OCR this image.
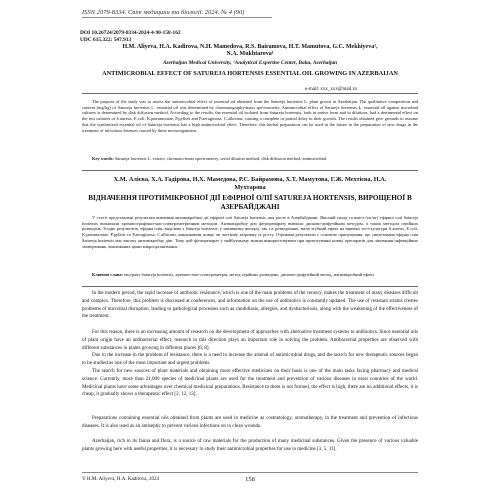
ISSN 2079-8334. Світ медицини та біології. 2024. № 4 (90)
DOI 10.26724/2079-8334-2024-4-90-158-162
UDC 615.322: 547.913
H.M. Aliyeva, H.A. Kadirova, N.H. Mamedova, R.S. Bairamova, H.T. Mamutova, G.C. Mekhiyeva¹, N.A. Mukhtarova¹
Azerbaijan Medical University, ¹Analytical Expertise Center, Baku, Azerbaijan
ANTIMICROBIAL EFFECT OF SATUREJA HORTENSIS ESSENTIAL OIL GROWING IN AZERBAIJAN
e-mail: xxx_xxx@mail.ru

The purpose of the study was to assess the antimicrobial effect of essential oil obtained from the Satureja hortensis L. plant grown in Azerbaijan. The qualitative composition and content (mg/kg) of Satureja hortensis L. essential oil was determined by chromatography-mass spectrometry. Antimicrobial effect of Satureja hortensis L. essential oil against microbial cultures is determined by disk diffusion method. According to the results, the essential oil isolated from Satureja hortensis, both in native form and in dilutions, had a detrimental effect on the test cultures of S.aureus, E.coli, K.pneumoniae, P.pyllori and P.aeruginosa. C.albicans, causing a complete or partial delay in their growth. The results obtained give grounds to assume that the synthesized essential oil of Satureja hortensis has a high antimicrobial effect. Therefore, this herbal preparation can be used in the future in the preparation of new drugs in the treatment of infectious diseases caused by these microorganisms.

Key words: Satureja hortensis L. extract, chromato-mass spectrometry, serial dilution method, disk diffusion method, antimicrobial.

Х.М. Алієва, Х.А. Гадірова, Н.Х. Мамедова, Р.С. Байрамова, Х.Т. Мамутова, Г.Ж. Мехтієва, Н.А. Мухтарова
ВІДНАЧЕННЯ ПРОТИМІКРОБНОЇ ДІЇ ЕФІРНОЇ ОЛІЇ SATUREJA HORTENSIS, ВИРОЩЕНОЇ В АЗЕРБАЙДЖАНІ

У статті представлені результати вивчення антимікробної дії ефірної олії Satureja hortensis, яка росте в Азербайджані. Якісний склад та вміст (мг/кг) ефірної олії Satureja hortensis визначали хроматографічно-мас-спектрометричним методом. Антимікробну дію фітопрепарату вивчали дисково-дифузійним методом, а також методом серійних розведень. Згідно результатів, ефірна олія, виділена з Satureja hortensis, у нативному вигляді, так і в розведеннях, мала згубний ефект на вивчені тест-культури S.aureus, E.coli, K.pneumoniae, P.pyllori та P.aeruginosa, C.albicans, викликаючи повну чи часткову затримку їх росту. Отримані результати є основою припущення, що синтезована ефірна олія Satureja hortensis має високу антимікробну дію. Тому цей фітопрепарат у майбутньому можна використовувати при приготуванні нових препаратів для лікування інфекційних захворювань, викликаних цими мікроорганізмами.

Ключові слова: екстракт Satureja hortensis, хромато-мас-спектрометрія, метод серійних розведень, дисково-дифузійний метод, антимікробний ефект.

In the modern period, the rapid increase of antibiotic resistance, which is one of the main problems of the century, makes the treatment of many diseases difficult and complex. Therefore, this problem is discussed at conferences, and information on the use of antibiotics is constantly updated. The use of resistant strains creates problems of microbial disruption, leading to pathological processes such as candidiasis, allergies, and dysbacteriosis, along with the weakening of the effectiveness of the treatment.

For this reason, there is an increasing amount of research on the development of approaches with alternative treatment systems to antibiotics. Since essential oils of plant origin have an antibacterial effect, research in this direction plays an important role in solving the problem. Antibacterial properties are observed with different substances in plants growing in different places [6, 8].

Due to the increase in the problem of resistance, there is a need to increase the arsenal of antimicrobial drugs, and the search for new therapeutic sources began to be studied as one of the most important and urgent problems.

The search for new sources of plant materials and obtaining more effective medicines on their basis is one of the main tasks facing pharmacy and medical science. Currently, more than 21,000 species of medicinal plants are used for the treatment and prevention of various diseases in most countries of the world. Medicinal plants have some advantages over chemical medicinal preparations. Resistance to them is not formed, the effect is high, there are no additional effects, it is cheap, it gradually shows a therapeutic effect [2, 12, 13].

Preparations containing essential oils obtained from plants are used in medicine as cosmetology, aromatherapy, in the treatment and prevention of infectious diseases. It is also used as an antiseptic to prevent various infections on to clean wounds.

Azerbaijan, rich in its fauna and flora, is a source of raw materials for the production of many medicinal substances. Given the presence of various valuable plants growing here with useful properties, it is necessary to study their antimicrobial properties for use in medicine [3, 5, 11].

© H.M. Aliyeva, H.A. Kadirova, 2024	158
